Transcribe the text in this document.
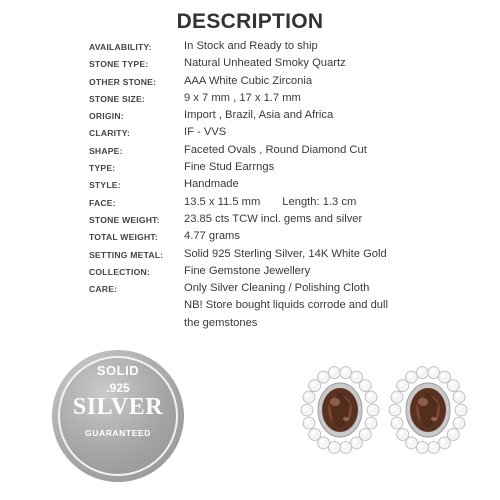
DESCRIPTION
AVAILABILITY:	In Stock and Ready to ship
STONE TYPE:	Natural Unheated Smoky Quartz
OTHER STONE: AAA White Cubic Zirconia
STONE SIZE:	9 x 7 mm , 17 x 1.7 mm
ORIGIN:	Import , Brazil, Asia and Africa
CLARITY:	IF - VVS
SHAPE:	Faceted Ovals , Round Diamond Cut
TYPE:	Fine Stud Earrngs
STYLE:	Handmade
FACE:	13.5 x 11.5 mm Length: 1.3 cm
STONE WEIGHT: 23.85 cts TCW incl. gems and silver
TOTAL WEIGHT: 4.77 grams
SETTING METAL: Solid 925 Sterling Silver, 14K White Gold
COLLECTION:	Fine Gemstone Jewellery
CARE:	Only Silver Cleaning / Polishing Cloth
NB! Store bought liquids corrode and dull
the gemstones
SOLID
.925
SILVER
GUARANTEED
